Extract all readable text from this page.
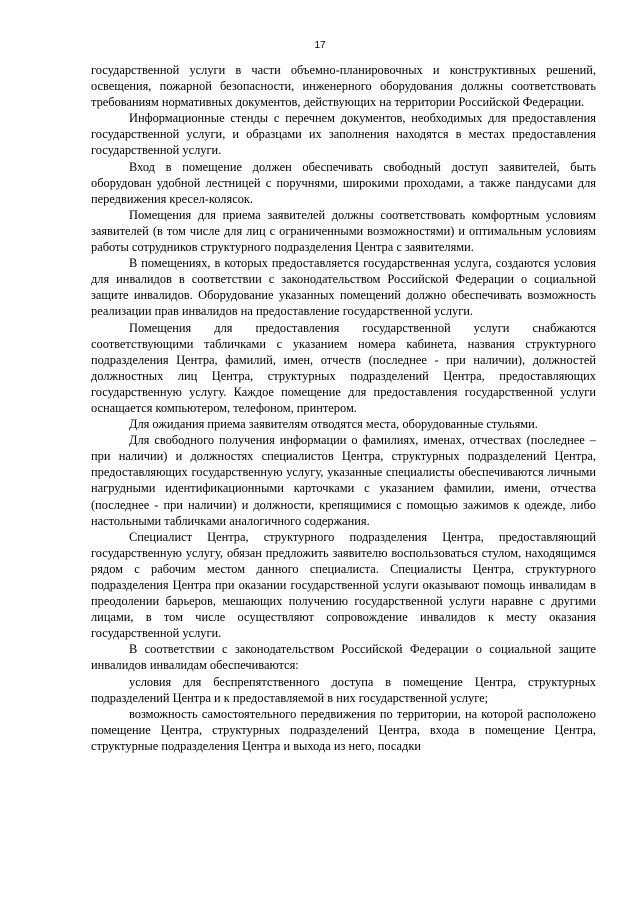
17

государственной услуги в части объемно-планировочных и конструктивных решений, освещения, пожарной безопасности, инженерного оборудования должны соответствовать требованиям нормативных документов, действующих на территории Российской Федерации.

Информационные стенды с перечнем документов, необходимых для предоставления государственной услуги, и образцами их заполнения находятся в местах предоставления государственной услуги.

Вход в помещение должен обеспечивать свободный доступ заявителей, быть оборудован удобной лестницей с поручнями, широкими проходами, а также пандусами для передвижения кресел-колясок.

Помещения для приема заявителей должны соответствовать комфортным условиям заявителей (в том числе для лиц с ограниченными возможностями) и оптимальным условиям работы сотрудников структурного подразделения Центра с заявителями.

В помещениях, в которых предоставляется государственная услуга, создаются условия для инвалидов в соответствии с законодательством Российской Федерации о социальной защите инвалидов. Оборудование указанных помещений должно обеспечивать возможность реализации прав инвалидов на предоставление государственной услуги.

Помещения для предоставления государственной услуги снабжаются соответствующими табличками с указанием номера кабинета, названия структурного подразделения Центра, фамилий, имен, отчеств (последнее - при наличии), должностей должностных лиц Центра, структурных подразделений Центра, предоставляющих государственную услугу. Каждое помещение для предоставления государственной услуги оснащается компьютером, телефоном, принтером.

Для ожидания приема заявителям отводятся места, оборудованные стульями.

Для свободного получения информации о фамилиях, именах, отчествах (последнее – при наличии) и должностях специалистов Центра, структурных подразделений Центра, предоставляющих государственную услугу, указанные специалисты обеспечиваются личными нагрудными идентификационными карточками с указанием фамилии, имени, отчества (последнее - при наличии) и должности, крепящимися с помощью зажимов к одежде, либо настольными табличками аналогичного содержания.

Специалист Центра, структурного подразделения Центра, предоставляющий государственную услугу, обязан предложить заявителю воспользоваться стулом, находящимся рядом с рабочим местом данного специалиста. Специалисты Центра, структурного подразделения Центра при оказании государственной услуги оказывают помощь инвалидам в преодолении барьеров, мешающих получению государственной услуги наравне с другими лицами, в том числе осуществляют сопровождение инвалидов к месту оказания государственной услуги.

В соответствии с законодательством Российской Федерации о социальной защите инвалидов инвалидам обеспечиваются:

условия для беспрепятственного доступа в помещение Центра, структурных подразделений Центра и к предоставляемой в них государственной услуге;

возможность самостоятельного передвижения по территории, на которой расположено помещение Центра, структурных подразделений Центра, входа в помещение Центра, структурные подразделения Центра и выхода из него, посадки
